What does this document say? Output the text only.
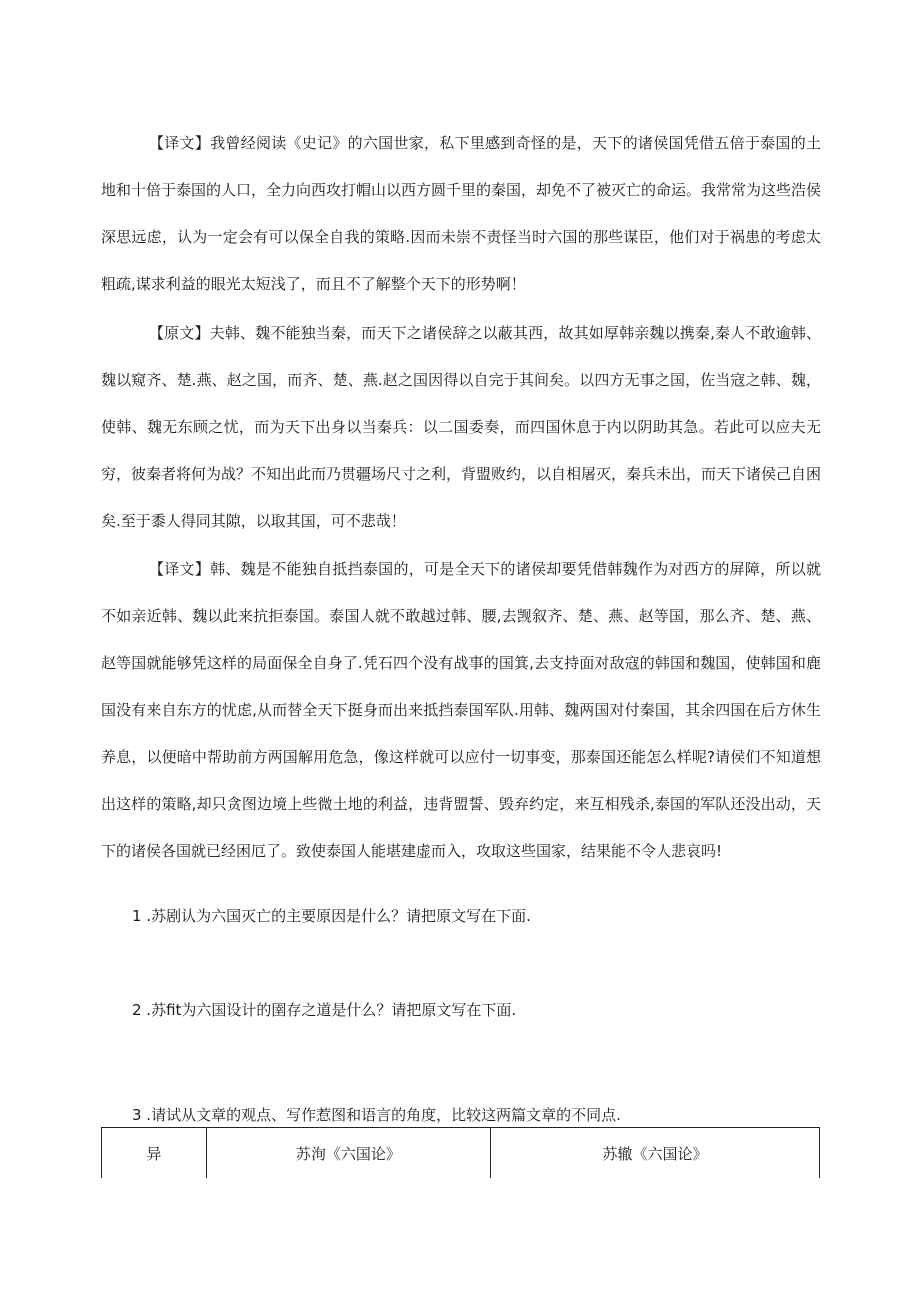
【译文】我曾经阅读《史记》的六国世家，私下里感到奇怪的是，天下的诸侯国凭借五倍于泰国的土地和十倍于泰国的人口，全力向西攻打帽山以西方圆千里的秦国，却免不了被灭亡的命运。我常常为这些浩侯深思远虑，认为一定会有可以保全自我的策略.因而未崇不责怪当时六国的那些谋臣，他们对于祸患的考虑太粗疏,谋求利益的眼光太短浅了，而且不了解整个天下的形势啊！

【原文】夫韩、魏不能独当秦，而天下之诸侯辞之以蔽其西，故其如厚韩亲魏以携秦,秦人不敢逾韩、魏以窥齐、楚.燕、赵之国，而齐、楚、燕.赵之国因得以自完于其间矣。以四方无事之国，佐当寇之韩、魏，使韩、魏无东顾之忧，而为天下出身以当秦兵：以二国委奏，而四国休息于内以阴助其急。若此可以应夫无穷，彼秦者将何为战？不知出此而乃贯疆场尺寸之利，背盟败约，以自相屠灭，秦兵未出，而天下诸侯己自困矣.至于黍人得同其隙，以取其国，可不悲哉！

【译文】韩、魏是不能独自抵挡泰国的，可是全天下的诸侯却要凭借韩魏作为对西方的屏障，所以就不如亲近韩、魏以此来抗拒泰国。泰国人就不敢越过韩、腰,去觊叙齐、楚、燕、赵等国，那么齐、楚、燕、赵等国就能够凭这样的局面保全自身了.凭石四个没有战事的国箕,去支持面对敌寇的韩国和魏国，使韩国和鹿国没有来自东方的忧虑,从而替全天下挺身而出来抵挡泰国军队.用韩、魏两国对付秦国，其余四国在后方休生养息，以便暗中帮助前方两国解用危急，像这样就可以应付一切事变，那泰国还能怎么样呢?请侯们不知道想出这样的策略,却只贪图边境上些微土地的利益，违背盟誓、毁弃约定，来互相残杀,泰国的军队还没出动，天下的诸侯各国就已经困厄了。致使泰国人能堪建虚而入，攻取这些国家，结果能不令人悲哀吗!

1 .苏剧认为六国灭亡的主要原因是什么？请把原文写在下面.

2 .苏fit为六国设计的圉存之道是什么？请把原文写在下面.

3 .请试从文章的观点、写作惹图和语言的角度，比较这两篇文章的不同点.

异	苏洵《六国论》	苏辙《六国论》
